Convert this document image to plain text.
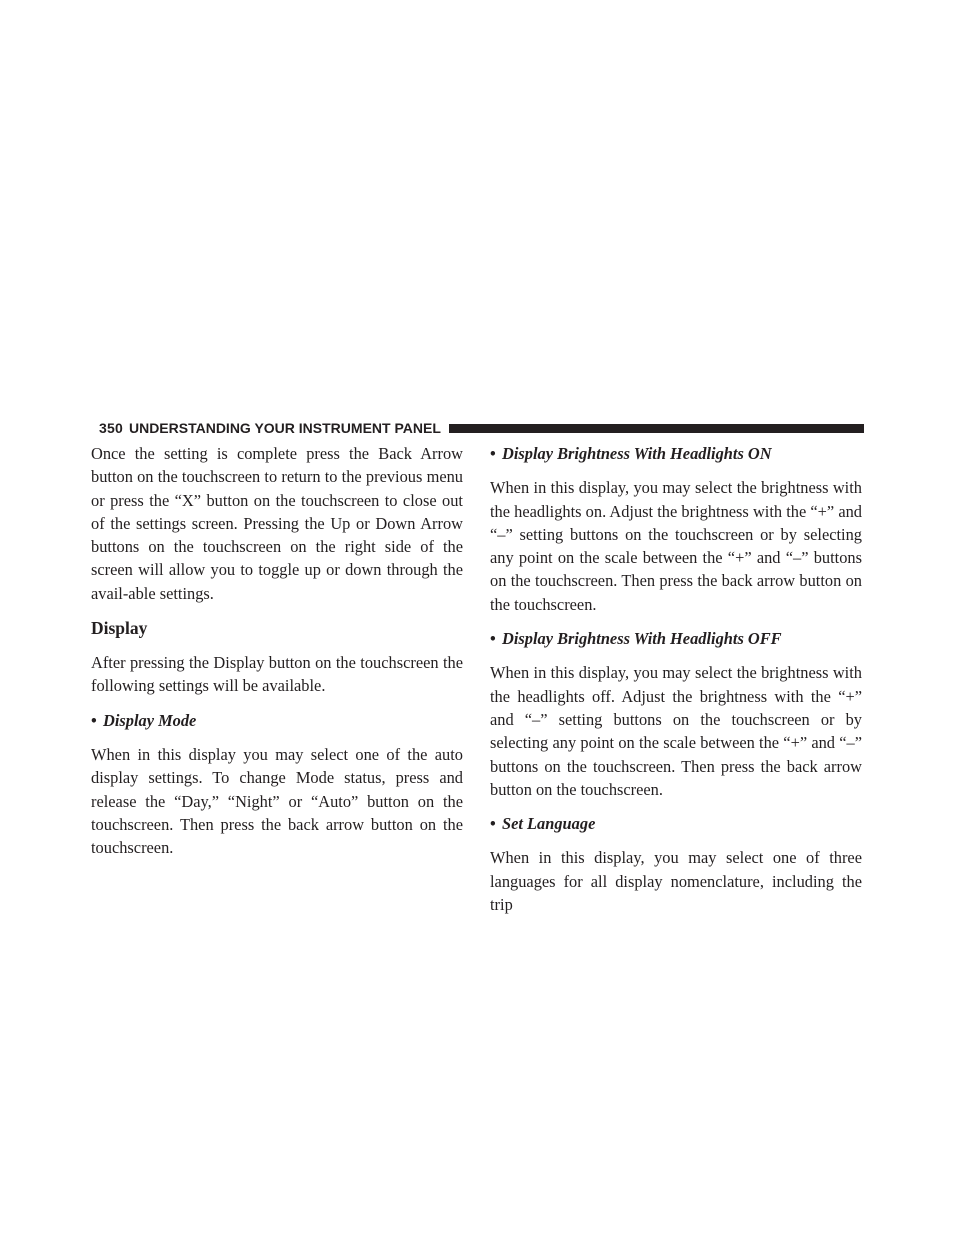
350 UNDERSTANDING YOUR INSTRUMENT PANEL

Once the setting is complete press the Back Arrow button on the touchscreen to return to the previous menu or press the “X” button on the touchscreen to close out of the settings screen. Pressing the Up or Down Arrow buttons on the touchscreen on the right side of the screen will allow you to toggle up or down through the avail-able settings.

Display

After pressing the Display button on the touchscreen the following settings will be available.

• Display Mode

When in this display you may select one of the auto display settings. To change Mode status, press and release the “Day,” “Night” or “Auto” button on the touchscreen. Then press the back arrow button on the touchscreen.

• Display Brightness With Headlights ON

When in this display, you may select the brightness with the headlights on. Adjust the brightness with the “+” and “–” setting buttons on the touchscreen or by selecting any point on the scale between the “+” and “–” buttons on the touchscreen. Then press the back arrow button on the touchscreen.

• Display Brightness With Headlights OFF

When in this display, you may select the brightness with the headlights off. Adjust the brightness with the “+” and “–” setting buttons on the touchscreen or by selecting any point on the scale between the “+” and “–” buttons on the touchscreen. Then press the back arrow button on the touchscreen.

• Set Language

When in this display, you may select one of three languages for all display nomenclature, including the trip
